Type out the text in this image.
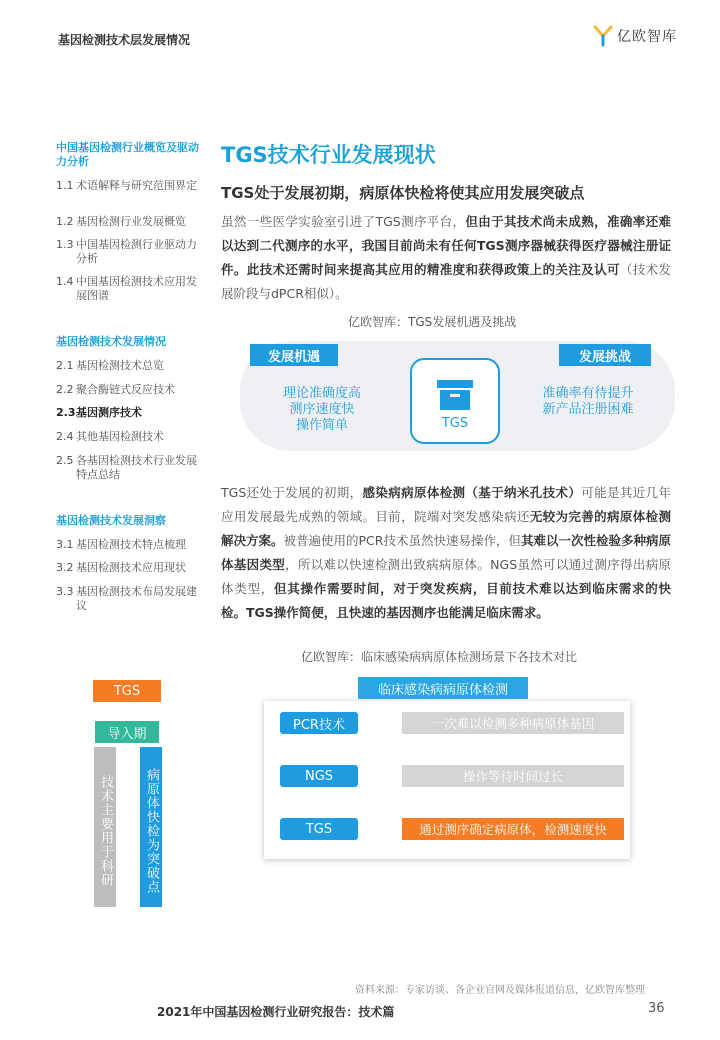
基因检测技术层发展情况	亿欧智库
中国基因检测行业概览及驱动力分析
1.1 术语解释与研究范围界定
1.2 基因检测行业发展概览
1.3 中国基因检测行业驱动力分析
1.4 中国基因检测技术应用发展图谱
基因检测技术发展情况
2.1 基因检测技术总览
2.2 聚合酶链式反应技术
2.3 基因测序技术
2.4 其他基因检测技术
2.5 各基因检测技术行业发展特点总结
基因检测技术发展洞察
3.1 基因检测技术特点梳理
3.2 基因检测技术应用现状
3.3 基因检测技术布局发展建议
TGS技术行业发展现状
TGS处于发展初期，病原体快检将使其应用发展突破点

虽然一些医学实验室引进了TGS测序平台，但由于其技术尚未成熟，准确率还难以达到二代测序的水平，我国目前尚未有任何TGS测序器械获得医疗器械注册证件。此技术还需时间来提高其应用的精准度和获得政策上的关注及认可（技术发展阶段与dPCR相似）。

亿欧智库：TGS发展机遇及挑战
发展机遇	发展挑战
理论准确度高
测序速度快
操作简单
准确率有待提升
新产品注册困难
TGS

TGS还处于发展的初期，感染病病原体检测（基于纳米孔技术）可能是其近几年应用发展最先成熟的领域。目前，院端对突发感染病还无较为完善的病原体检测解决方案。被普遍使用的PCR技术虽然快速易操作，但其难以一次性检验多种病原体基因类型，所以难以快速检测出致病病原体。NGS虽然可以通过测序得出病原体类型，但其操作需要时间，对于突发疾病，目前技术难以达到临床需求的快检。TGS操作简便，且快速的基因测序也能满足临床需求。

亿欧智库：临床感染病病原体检测场景下各技术对比
TGS
导入期
技术主要用于科研 病原体快检为突破点
临床感染病病原体检测
PCR技术	一次难以检测多种病原体基因
NGS	操作等待时间过长
TGS	通过测序确定病原体，检测速度快
资料来源：专家访谈、各企业官网及媒体报道信息，亿欧智库整理
2021年中国基因检测行业研究报告：技术篇	36
